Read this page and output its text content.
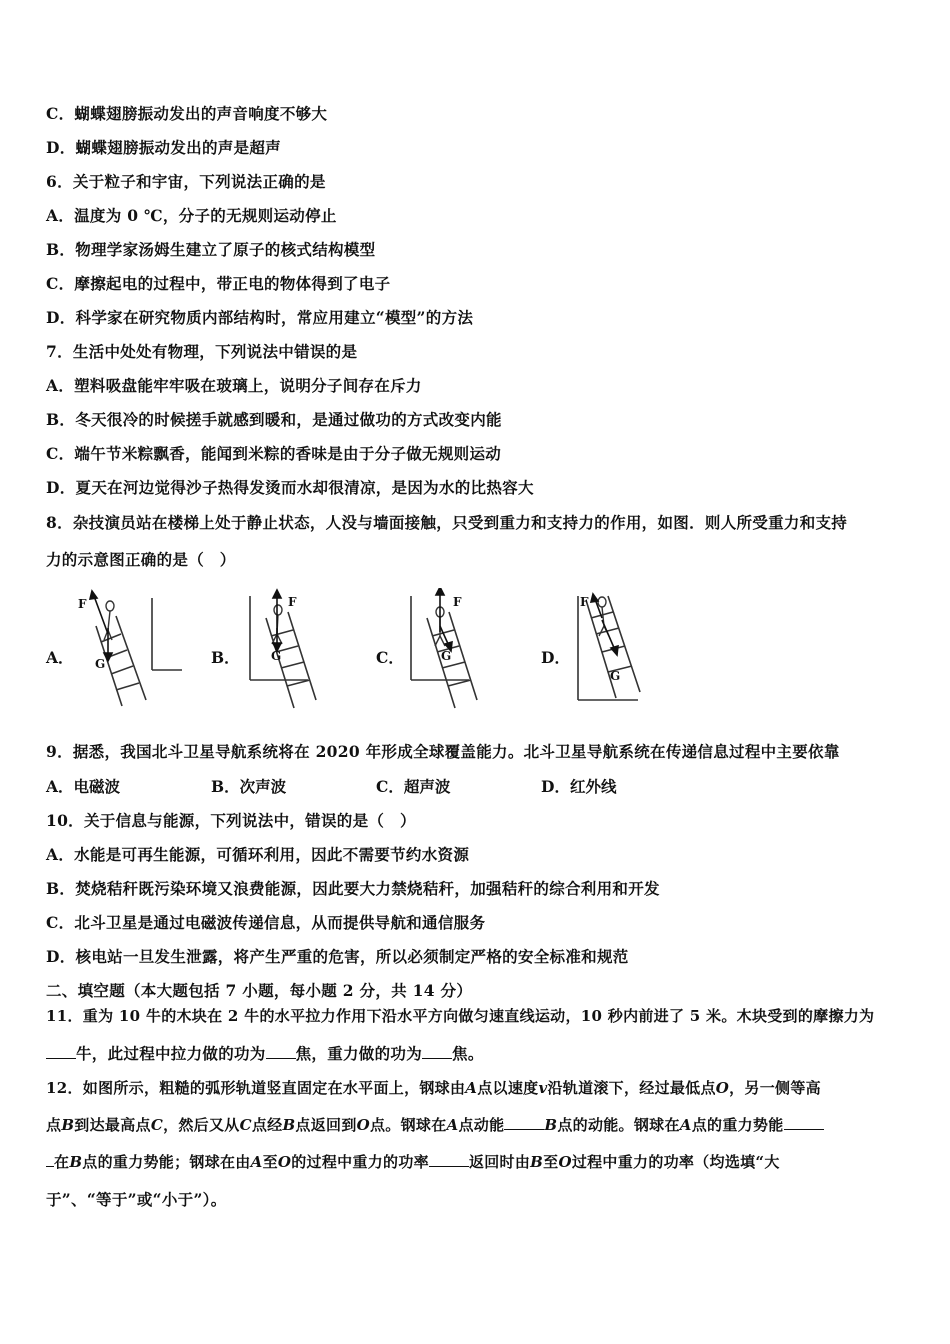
C．蝴蝶翅膀振动发出的声音响度不够大
D．蝴蝶翅膀振动发出的声是超声
6．关于粒子和宇宙，下列说法正确的是
A．温度为 0 ℃，分子的无规则运动停止
B．物理学家汤姆生建立了原子的核式结构模型
C．摩擦起电的过程中，带正电的物体得到了电子
D．科学家在研究物质内部结构时，常应用建立“模型”的方法
7．生活中处处有物理，下列说法中错误的是
A．塑料吸盘能牢牢吸在玻璃上，说明分子间存在斥力
B．冬天很冷的时候搓手就感到暖和，是通过做功的方式改变内能
C．端午节米粽飘香，能闻到米粽的香味是由于分子做无规则运动
D．夏天在河边觉得沙子热得发烫而水却很清凉，是因为水的比热容大
8．杂技演员站在楼梯上处于静止状态，人没与墙面接触，只受到重力和支持力的作用，如图．则人所受重力和支持
力的示意图正确的是（　）
A．	B．	C．	D．
F
G
F
G
F
G
F
G
9．据悉，我国北斗卫星导航系统将在 2020 年形成全球覆盖能力。北斗卫星导航系统在传递信息过程中主要依靠
A．电磁波	B．次声波	C．超声波	D．红外线
10．关于信息与能源，下列说法中，错误的是（　）
A．水能是可再生能源，可循环利用，因此不需要节约水资源
B．焚烧秸秆既污染环境又浪费能源，因此要大力禁烧秸秆，加强秸秆的综合利用和开发
C．北斗卫星是通过电磁波传递信息，从而提供导航和通信服务
D．核电站一旦发生泄露，将产生严重的危害，所以必须制定严格的安全标准和规范
二、填空题（本大题包括 7 小题，每小题 2 分，共 14 分）
11．重为 10 牛的木块在 2 牛的水平拉力作用下沿水平方向做匀速直线运动，10 秒内前进了 5 米。木块受到的摩擦力为
牛，此过程中拉力做的功为 焦，重力做的功为 焦。
12．如图所示，粗糙的弧形轨道竖直固定在水平面上，钢球由A点以速度v沿轨道滚下，经过最低点O，另一侧等高
点B到达最高点C，然后又从C点经B点返回到O点。钢球在A点动能	B点的动能。钢球在A点的重力势能
在B点的重力势能；钢球在由A至O的过程中重力的功率	返回时由B至O过程中重力的功率（均选填“大
于”、“等于”或“小于”）。
